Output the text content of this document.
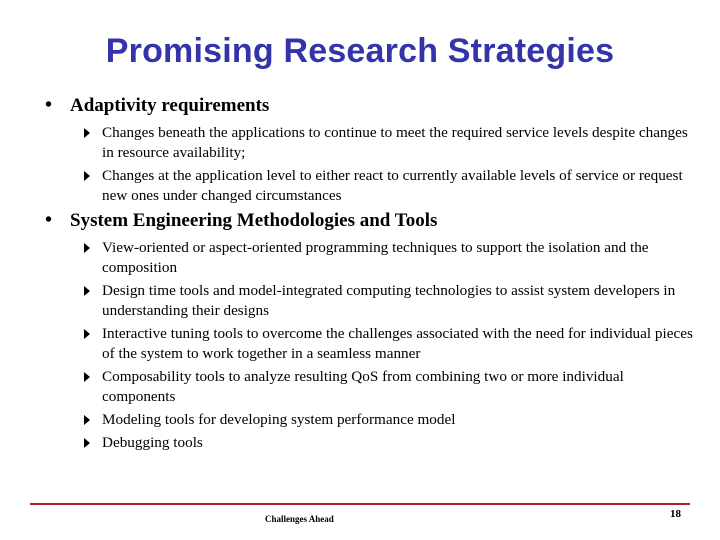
Promising Research Strategies
• Adaptivity requirements
Changes beneath the applications to continue to meet the required service levels despite changes in resource availability;
Changes at the application level to either react to currently available levels of service or request new ones under changed circumstances
• System Engineering Methodologies and Tools
View-oriented or aspect-oriented programming techniques to support the isolation and the composition
Design time tools and model-integrated computing technologies to assist system developers in understanding their designs
Interactive tuning tools to overcome the challenges associated with the need for individual pieces of the system to work together in a seamless manner
Composability tools to analyze resulting QoS from combining two or more individual components
Modeling tools for developing system performance model
Debugging tools
Challenges Ahead	18
